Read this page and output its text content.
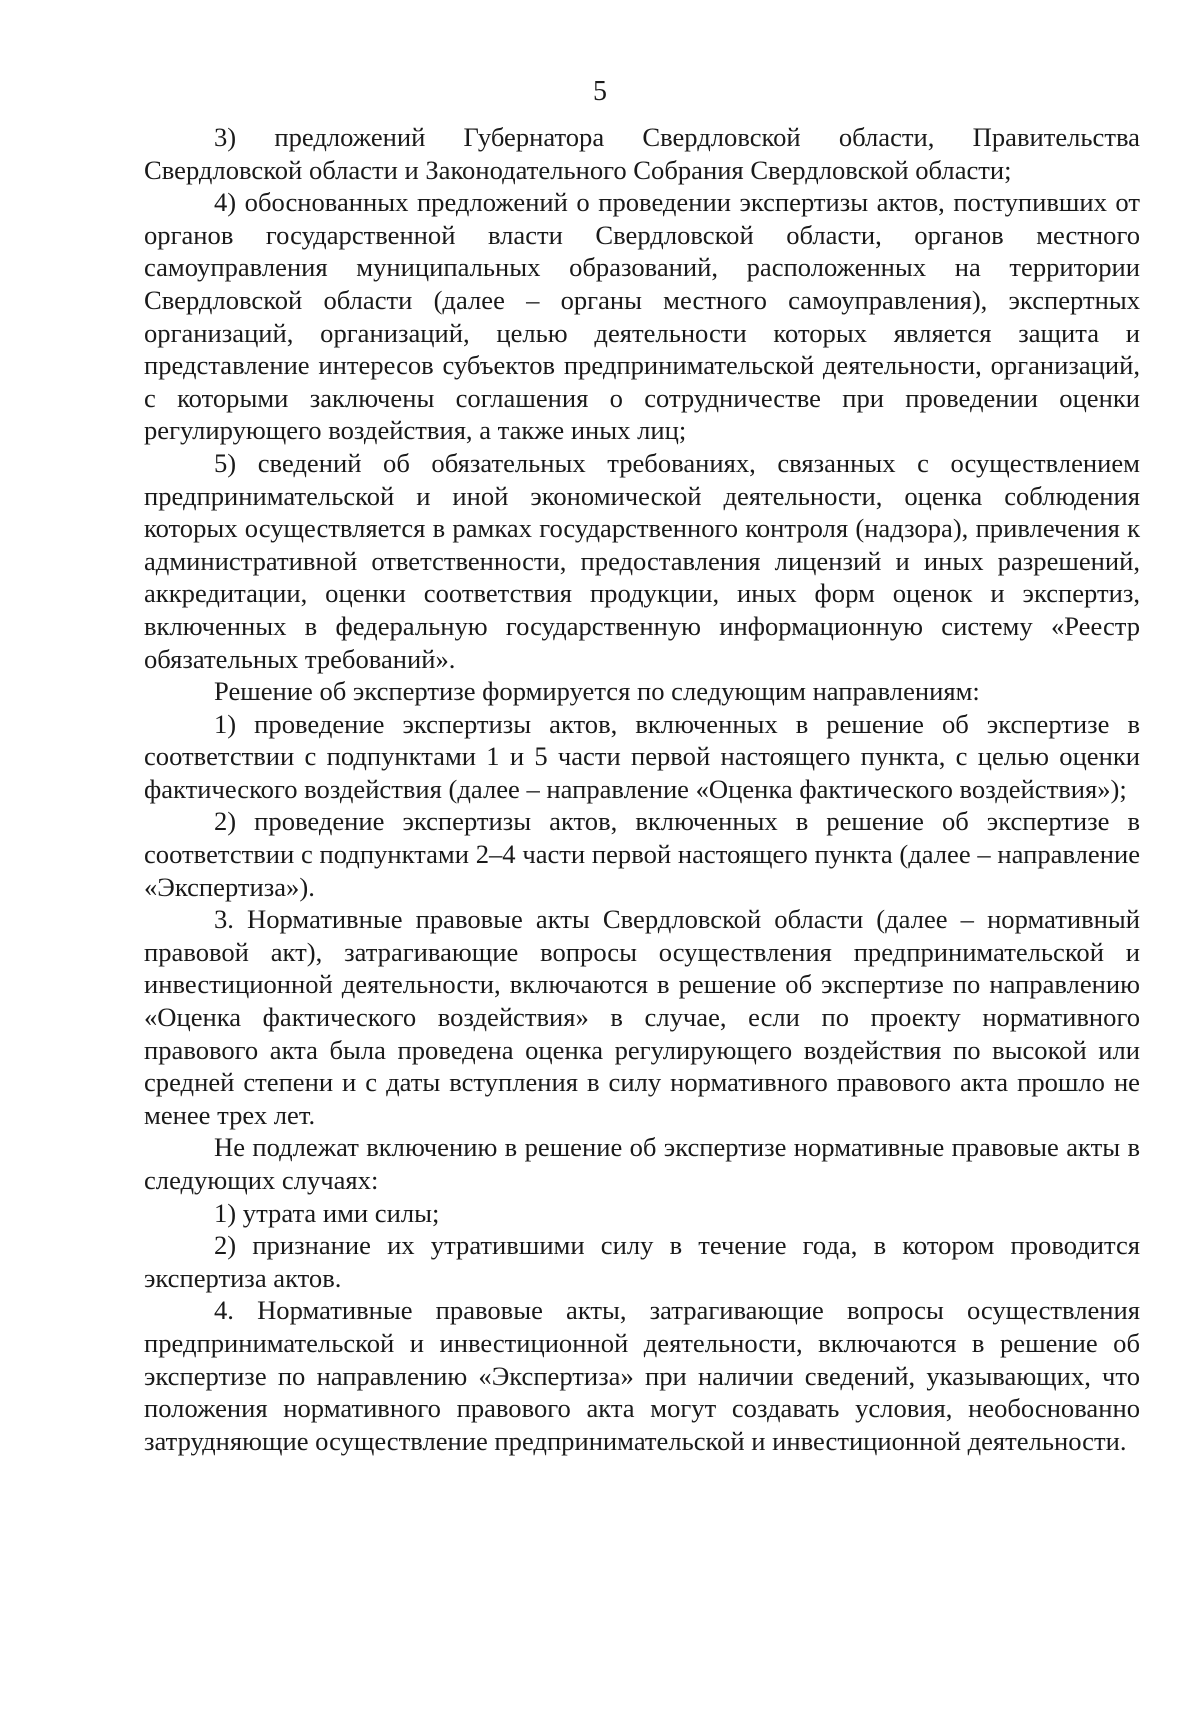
5

3) предложений Губернатора Свердловской области, Правительства Свердловской области и Законодательного Собрания Свердловской области;

4) обоснованных предложений о проведении экспертизы актов, поступивших от органов государственной власти Свердловской области, органов местного самоуправления муниципальных образований, расположенных на территории Свердловской области (далее – органы местного самоуправления), экспертных организаций, организаций, целью деятельности которых является защита и представление интересов субъектов предпринимательской деятельности, организаций, с которыми заключены соглашения о сотрудничестве при проведении оценки регулирующего воздействия, а также иных лиц;

5) сведений об обязательных требованиях, связанных с осуществлением предпринимательской и иной экономической деятельности, оценка соблюдения которых осуществляется в рамках государственного контроля (надзора), привлечения к административной ответственности, предоставления лицензий и иных разрешений, аккредитации, оценки соответствия продукции, иных форм оценок и экспертиз, включенных в федеральную государственную информационную систему «Реестр обязательных требований».

Решение об экспертизе формируется по следующим направлениям:

1) проведение экспертизы актов, включенных в решение об экспертизе в соответствии с подпунктами 1 и 5 части первой настоящего пункта, с целью оценки фактического воздействия (далее – направление «Оценка фактического воздействия»);

2) проведение экспертизы актов, включенных в решение об экспертизе в соответствии с подпунктами 2–4 части первой настоящего пункта (далее – направление «Экспертиза»).

3. Нормативные правовые акты Свердловской области (далее – нормативный правовой акт), затрагивающие вопросы осуществления предпринимательской и инвестиционной деятельности, включаются в решение об экспертизе по направлению «Оценка фактического воздействия» в случае, если по проекту нормативного правового акта была проведена оценка регулирующего воздействия по высокой или средней степени и с даты вступления в силу нормативного правового акта прошло не менее трех лет.

Не подлежат включению в решение об экспертизе нормативные правовые акты в следующих случаях:

1) утрата ими силы;

2) признание их утратившими силу в течение года, в котором проводится экспертиза актов.

4. Нормативные правовые акты, затрагивающие вопросы осуществления предпринимательской и инвестиционной деятельности, включаются в решение об экспертизе по направлению «Экспертиза» при наличии сведений, указывающих, что положения нормативного правового акта могут создавать условия, необоснованно затрудняющие осуществление предпринимательской и инвестиционной деятельности.
